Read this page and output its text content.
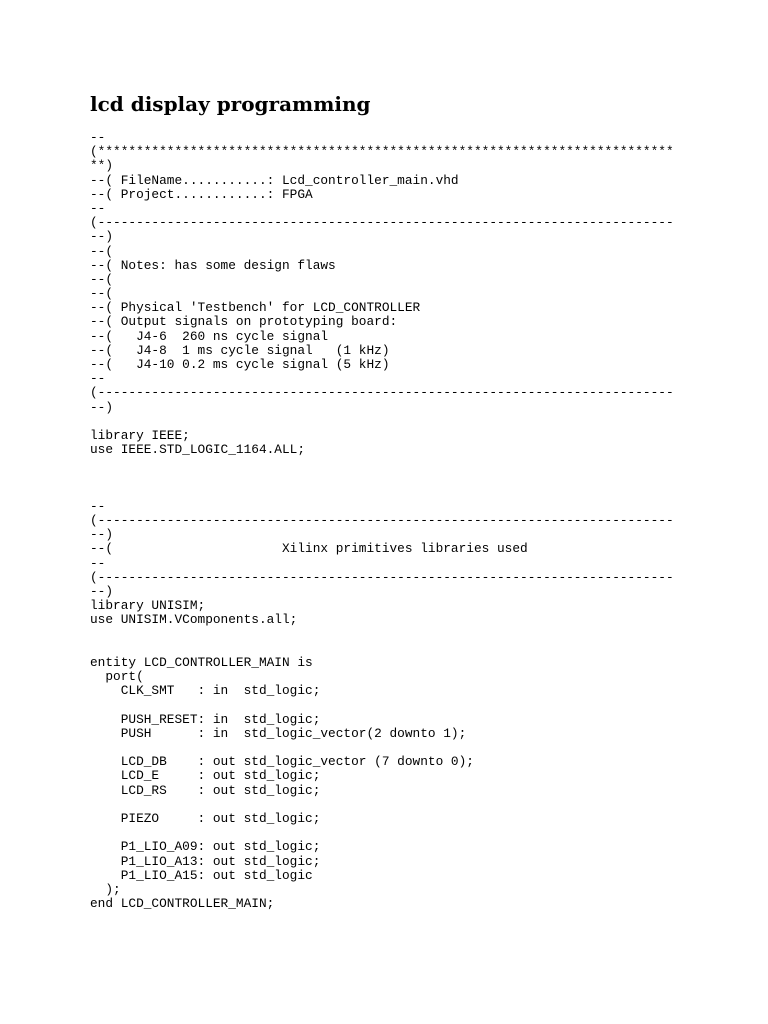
lcd display programming
--
(***************************************************************************
**)
--( FileName...........: Lcd_controller_main.vhd
--( Project............: FPGA
--
(---------------------------------------------------------------------------
--)
--(
--( Notes: has some design flaws
--(
--(
--( Physical 'Testbench' for LCD_CONTROLLER
--( Output signals on prototyping board:
--(   J4-6  260 ns cycle signal
--(   J4-8  1 ms cycle signal   (1 kHz)
--(   J4-10 0.2 ms cycle signal (5 kHz)
--
(---------------------------------------------------------------------------
--)
library IEEE;
use IEEE.STD_LOGIC_1164.ALL;
--
(---------------------------------------------------------------------------
--)
--(                      Xilinx primitives libraries used
--
(---------------------------------------------------------------------------
--)
library UNISIM;
use UNISIM.VComponents.all;
entity LCD_CONTROLLER_MAIN is
port(
CLK_SMT   : in  std_logic;
PUSH_RESET: in  std_logic;
PUSH      : in  std_logic_vector(2 downto 1);
LCD_DB    : out std_logic_vector (7 downto 0);
LCD_E     : out std_logic;
LCD_RS    : out std_logic;
PIEZO     : out std_logic;
P1_LIO_A09: out std_logic;
P1_LIO_A13: out std_logic;
P1_LIO_A15: out std_logic
);
end LCD_CONTROLLER_MAIN;
